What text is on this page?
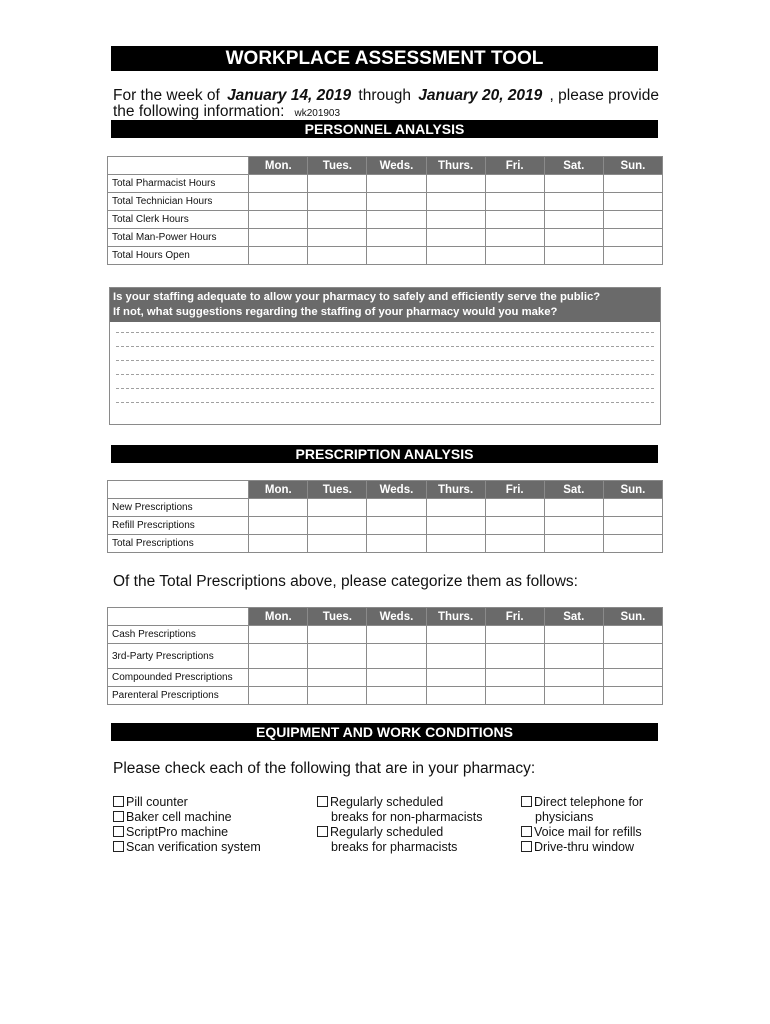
WORKPLACE ASSESSMENT TOOL
For the week of January 14, 2019 through January 20, 2019 , please provide
the following information: wk201903
PERSONNEL ANALYSIS
	Mon.	Tues.	Weds.	Thurs.	Fri.	Sat.	Sun.
Total Pharmacist Hours							
Total Technician Hours							
Total Clerk Hours							
Total Man-Power Hours							
Total Hours Open							
Is your staffing adequate to allow your pharmacy to safely and efficiently serve the public?
If not, what suggestions regarding the staffing of your pharmacy would you make?
PRESCRIPTION ANALYSIS
	Mon.	Tues.	Weds.	Thurs.	Fri.	Sat.	Sun.
New Prescriptions							
Refill Prescriptions							
Total Prescriptions							
Of the Total Prescriptions above, please categorize them as follows:
	Mon.	Tues.	Weds.	Thurs.	Fri.	Sat.	Sun.
Cash Prescriptions							
3rd-Party Prescriptions							
Compounded Prescriptions							
Parenteral Prescriptions							
EQUIPMENT AND WORK CONDITIONS
Please check each of the following that are in your pharmacy:
Pill counter
Baker cell machine
ScriptPro machine
Scan verification system
Regularly scheduled
breaks for non-pharmacists
Regularly scheduled
breaks for pharmacists
Direct telephone for
physicians
Voice mail for refills
Drive-thru window
